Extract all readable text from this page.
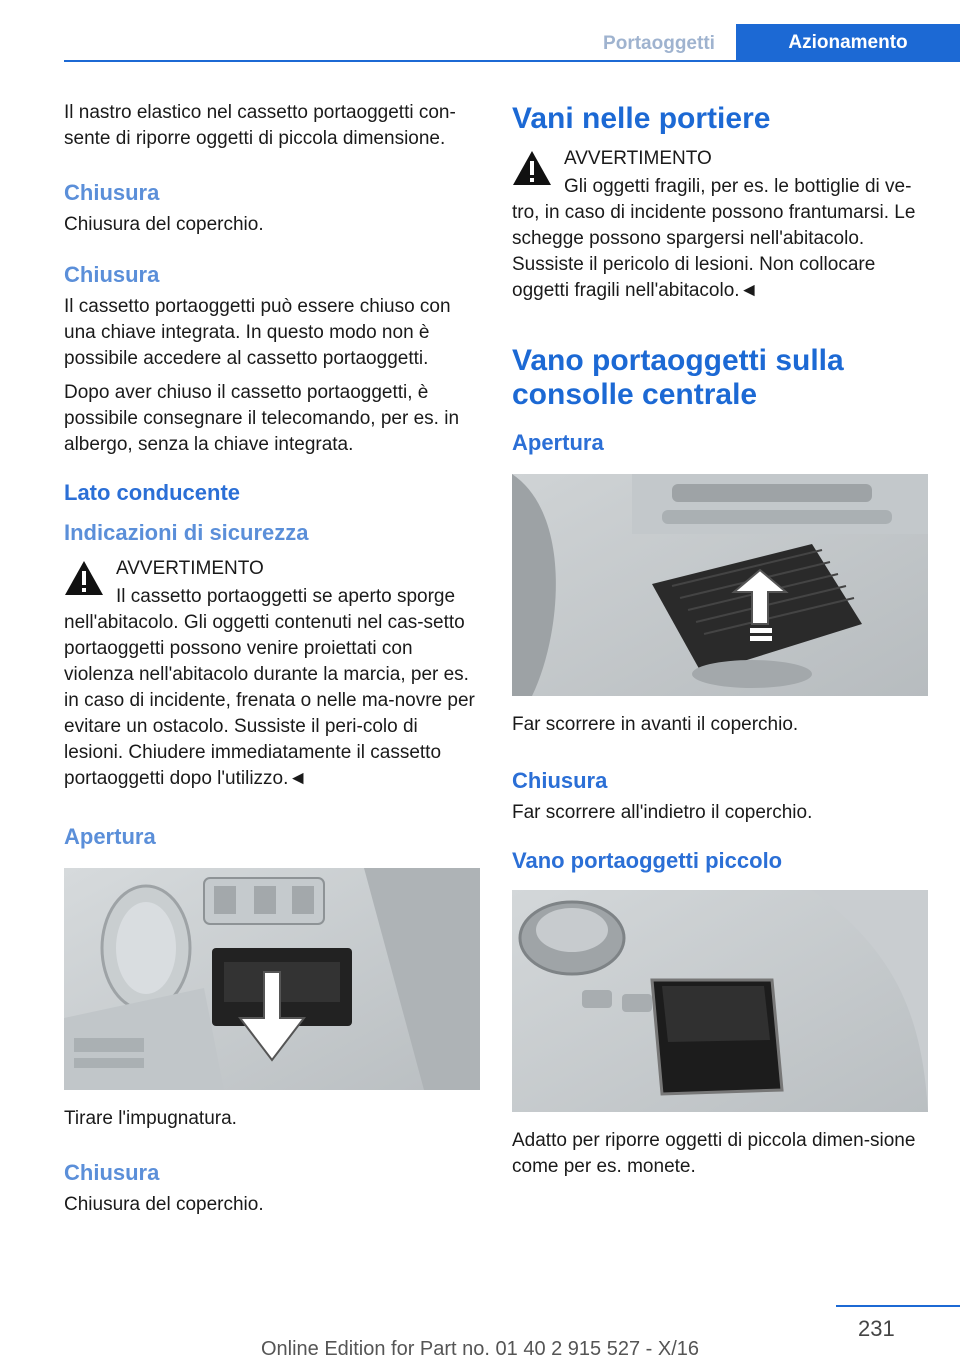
Portaoggetti	Azionamento

Il nastro elastico nel cassetto portaoggetti con-sente di riporre oggetti di piccola dimensione.

Chiusura

Chiusura del coperchio.

Chiusura

Il cassetto portaoggetti può essere chiuso con una chiave integrata. In questo modo non è possibile accedere al cassetto portaoggetti.

Dopo aver chiuso il cassetto portaoggetti, è possibile consegnare il telecomando, per es. in albergo, senza la chiave integrata.

Lato conducente
Indicazioni di sicurezza
AVVERTIMENTO
Il cassetto portaoggetti se aperto sporge
nell'abitacolo. Gli oggetti contenuti nel cas-setto portaoggetti possono venire proiettati con violenza nell'abitacolo durante la marcia, per es. in caso di incidente, frenata o nelle ma-novre per evitare un ostacolo. Sussiste il peri-colo di lesioni. Chiudere immediatamente il cassetto portaoggetti dopo l'utilizzo.◄
Apertura

Tirare l'impugnatura.

Chiusura

Chiusura del coperchio.

Vani nelle portiere
AVVERTIMENTO
Gli oggetti fragili, per es. le bottiglie di ve-
tro, in caso di incidente possono frantumarsi. Le schegge possono spargersi nell'abitacolo. Sussiste il pericolo di lesioni. Non collocare oggetti fragili nell'abitacolo.◄
Vano portaoggetti sulla consolle centrale
Apertura

Far scorrere in avanti il coperchio.

Chiusura

Far scorrere all'indietro il coperchio.

Vano portaoggetti piccolo

Adatto per riporre oggetti di piccola dimen-sione come per es. monete.

231
Online Edition for Part no. 01 40 2 915 527 - X/16
